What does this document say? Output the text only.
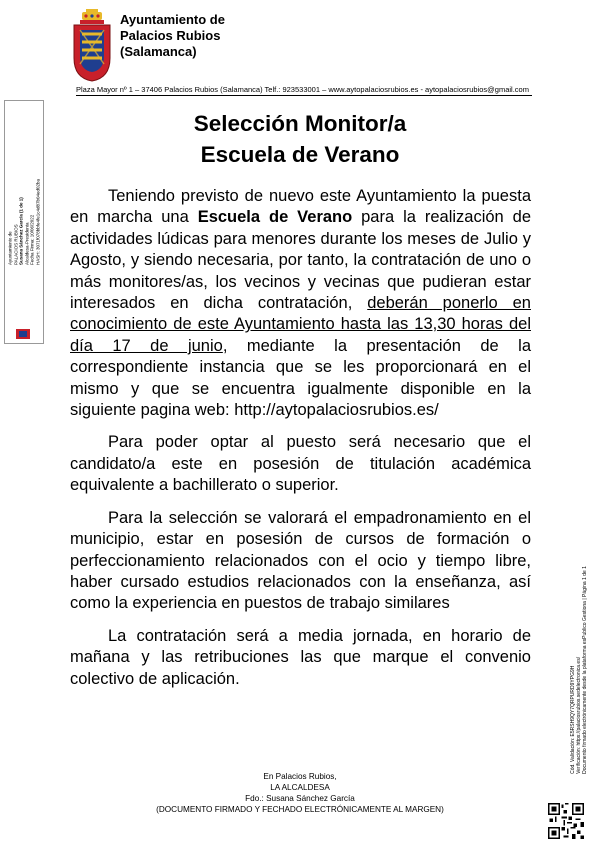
Ayuntamiento de
Palacios Rubios
(Salamanca)
Plaza Mayor nº 1 – 37406 Palacios Rubios (Salamanca) Telf.: 923533001 – www.aytopalaciosrubios.es - aytopalaciosrubios@gmail.com
Selección Monitor/a
Escuela de Verano

Teniendo previsto de nuevo este Ayuntamiento la puesta en marcha una Escuela de Verano para la realización de actividades lúdicas para menores durante los meses de Julio y Agosto, y siendo necesaria, por tanto, la contratación de uno o más monitores/as, los vecinos y vecinas que pudieran estar interesados en dicha contratación, deberán ponerlo en conocimiento de este Ayuntamiento hasta las 13,30 horas del día 17 de junio, mediante la presentación de la correspondiente instancia que se les proporcionará en el mismo y que se encuentra igualmente disponible en la siguiente pagina web: http://aytopalaciosrubios.es/

Para poder optar al puesto será necesario que el candidato/a este en posesión de titulación académica equivalente a bachillerato o superior.

Para la selección se valorará el empadronamiento en el municipio, estar en posesión de cursos de formación o perfeccionamiento relacionados con el ocio y tiempo libre, haber cursado estudios relacionados con la enseñanza, así como la experiencia en puestos de trabajo similares

La contratación será a media jornada, en horario de mañana y las retribuciones las que marque el convenio colectivo de aplicación.

En Palacios Rubios,
LA ALCALDESA
Fdo.: Susana Sánchez García
(DOCUMENTO FIRMADO Y FECHADO ELECTRÓNICAMENTE AL MARGEN)
Ayuntamiento de PALACIOS RUBIOS Susana Sánchez García (1 de 1) Alcaldesa-Presidenta Fecha Firma: 10/06/2022 HASH: 3071f078bbfe4fe1c4d87b04ed02ba
Cód. Validación: E5RSH9QY7QRPURD9YPG9H Verificación: https://palaciosrubios.sedelectronica.es/ Documento firmado electrónicamente desde la plataforma esPublico Gestiona | Página 1 de 1
